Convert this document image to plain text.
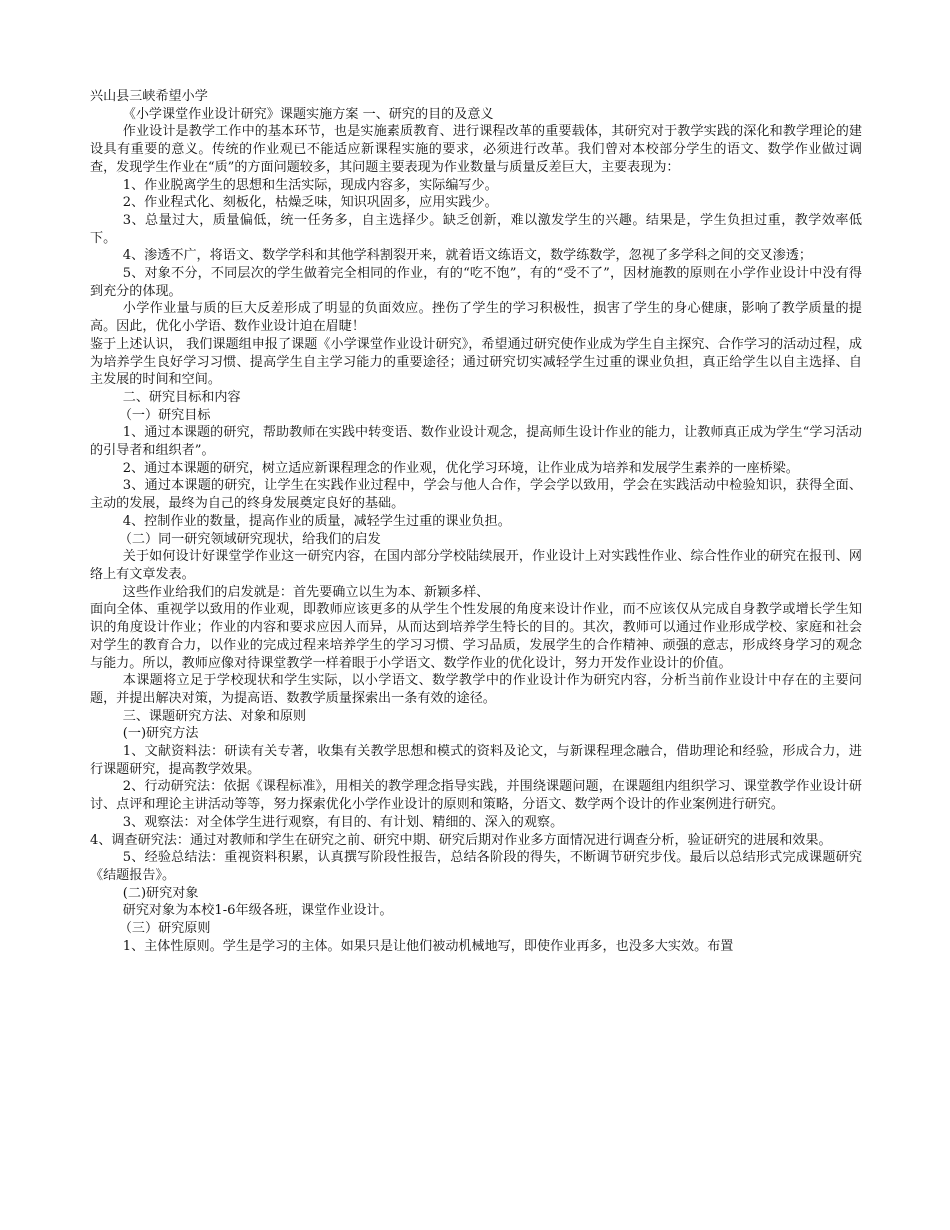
兴山县三峡希望小学

《小学课堂作业设计研究》课题实施方案 一、研究的目的及意义

作业设计是教学工作中的基本环节，也是实施素质教育、进行课程改革的重要载体，其研究对于教学实践的深化和教学理论的建设具有重要的意义。传统的作业观已不能适应新课程实施的要求，必须进行改革。我们曾对本校部分学生的语文、数学作业做过调查，发现学生作业在“质”的方面问题较多，其问题主要表现为作业数量与质量反差巨大，主要表现为：

1、作业脱离学生的思想和生活实际，现成内容多，实际编写少。

2、作业程式化、刻板化，枯燥乏味，知识巩固多，应用实践少。

3、总量过大，质量偏低，统一任务多，自主选择少。缺乏创新，难以激发学生的兴趣。结果是，学生负担过重，教学效率低下。

4、渗透不广，将语文、数学学科和其他学科割裂开来，就着语文练语文，数学练数学，忽视了多学科之间的交叉渗透；

5、对象不分，不同层次的学生做着完全相同的作业，有的“吃不饱”，有的“受不了”，因材施教的原则在小学作业设计中没有得到充分的体现。

小学作业量与质的巨大反差形成了明显的负面效应。挫伤了学生的学习积极性，损害了学生的身心健康，影响了教学质量的提高。因此，优化小学语、数作业设计迫在眉睫！

鉴于上述认识， 我们课题组申报了课题《小学课堂作业设计研究》，希望通过研究使作业成为学生自主探究、合作学习的活动过程，成为培养学生良好学习习惯、提高学生自主学习能力的重要途径；通过研究切实减轻学生过重的课业负担，真正给学生以自主选择、自主发展的时间和空间。

二、研究目标和内容

（一）研究目标

1、通过本课题的研究，帮助教师在实践中转变语、数作业设计观念，提高师生设计作业的能力，让教师真正成为学生“学习活动的引导者和组织者”。

2、通过本课题的研究，树立适应新课程理念的作业观，优化学习环境，让作业成为培养和发展学生素养的一座桥梁。

3、通过本课题的研究，让学生在实践作业过程中，学会与他人合作，学会学以致用，学会在实践活动中检验知识，获得全面、主动的发展，最终为自己的终身发展奠定良好的基础。

4、控制作业的数量，提高作业的质量，减轻学生过重的课业负担。

（二）同一研究领域研究现状，给我们的启发

关于如何设计好课堂学作业这一研究内容，在国内部分学校陆续展开，作业设计上对实践性作业、综合性作业的研究在报刊、网络上有文章发表。

这些作业给我们的启发就是：首先要确立以生为本、新颖多样、

面向全体、重视学以致用的作业观，即教师应该更多的从学生个性发展的角度来设计作业，而不应该仅从完成自身教学或增长学生知识的角度设计作业；作业的内容和要求应因人而异，从而达到培养学生特长的目的。其次，教师可以通过作业形成学校、家庭和社会对学生的教育合力，以作业的完成过程来培养学生的学习习惯、学习品质，发展学生的合作精神、顽强的意志，形成终身学习的观念与能力。所以，教师应像对待课堂教学一样着眼于小学语文、数学作业的优化设计，努力开发作业设计的价值。

本课题将立足于学校现状和学生实际，以小学语文、数学教学中的作业设计作为研究内容，分析当前作业设计中存在的主要问题，并提出解决对策，为提高语、数教学质量探索出一条有效的途径。

三、课题研究方法、对象和原则

(一)研究方法

1、文献资料法：研读有关专著，收集有关教学思想和模式的资料及论文，与新课程理念融合，借助理论和经验，形成合力，进行课题研究，提高教学效果。

2、行动研究法：依据《课程标准》，用相关的教学理念指导实践，并围绕课题问题，在课题组内组织学习、课堂教学作业设计研讨、点评和理论主讲活动等等，努力探索优化小学作业设计的原则和策略，分语文、数学两个设计的作业案例进行研究。

3、观察法：对全体学生进行观察，有目的、有计划、精细的、深入的观察。

4、调查研究法：通过对教师和学生在研究之前、研究中期、研究后期对作业多方面情况进行调查分析，验证研究的进展和效果。

5、经验总结法：重视资料积累，认真撰写阶段性报告，总结各阶段的得失，不断调节研究步伐。最后以总结形式完成课题研究《结题报告》。

(二)研究对象

研究对象为本校1-6年级各班，课堂作业设计。

（三）研究原则

1、主体性原则。学生是学习的主体。如果只是让他们被动机械地写，即使作业再多，也没多大实效。布置
